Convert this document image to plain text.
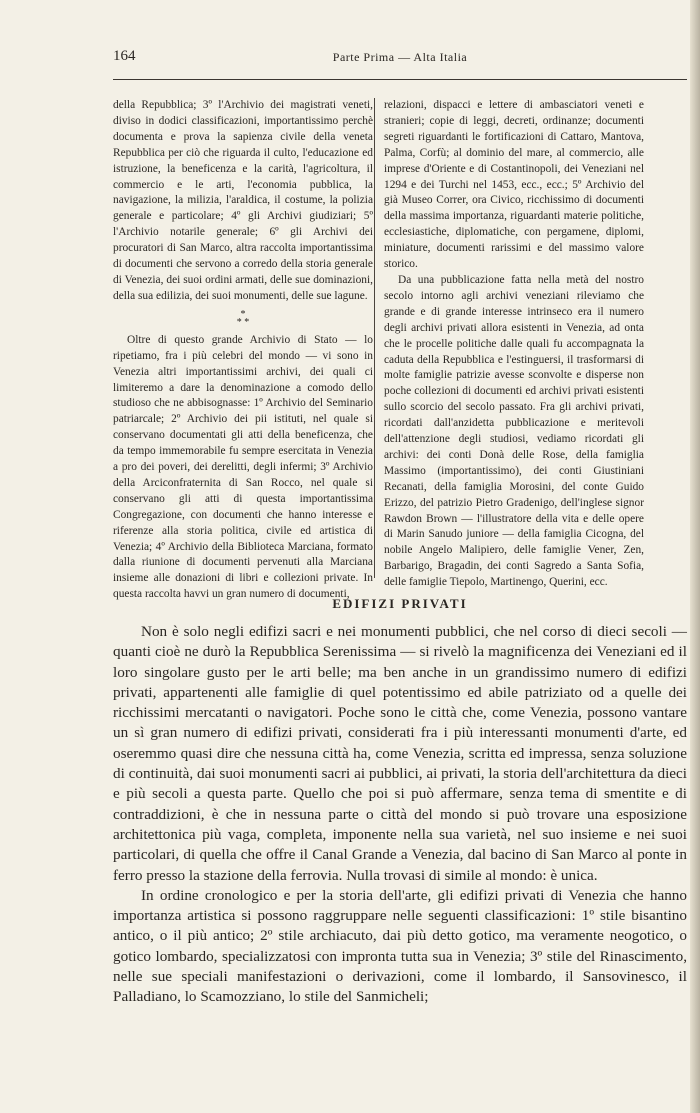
164	Parte Prima — Alta Italia

della Repubblica; 3º l'Archivio dei magistrati veneti, diviso in dodici classificazioni, importantissimo perchè documenta e prova la sapienza civile della veneta Repubblica per ciò che riguarda il culto, l'educazione ed istruzione, la beneficenza e la carità, l'agricoltura, il commercio e le arti, l'economia pubblica, la navigazione, la milizia, l'araldica, il costume, la polizia generale e particolare; 4º gli Archivi giudiziari; 5º l'Archivio notarile generale; 6º gli Archivi dei procuratori di San Marco, altra raccolta importantissima di documenti che servono a corredo della storia generale di Venezia, dei suoi ordini armati, delle sue dominazioni, della sua edilizia, dei suoi monumenti, delle sue lagune.

*
* *

Oltre di questo grande Archivio di Stato — lo ripetiamo, fra i più celebri del mondo — vi sono in Venezia altri importantissimi archivi, dei quali ci limiteremo a dare la denominazione a comodo dello studioso che ne abbisognasse: 1º Archivio del Seminario patriarcale; 2º Archivio dei pii istituti, nel quale si conservano documentati gli atti della beneficenza, che da tempo immemorabile fu sempre esercitata in Venezia a pro dei poveri, dei derelitti, degli infermi; 3º Archivio della Arciconfraternita di San Rocco, nel quale si conservano gli atti di questa importantissima Congregazione, con documenti che hanno interesse e riferenze alla storia politica, civile ed artistica di Venezia; 4º Archivio della Biblioteca Marciana, formato dalla riunione di documenti pervenuti alla Marciana insieme alle donazioni di libri e collezioni private. In questa raccolta havvi un gran numero di documenti,

relazioni, dispacci e lettere di ambasciatori veneti e stranieri; copie di leggi, decreti, ordinanze; documenti segreti riguardanti le fortificazioni di Cattaro, Mantova, Palma, Corfù; al dominio del mare, al commercio, alle imprese d'Oriente e di Costantinopoli, dei Veneziani nel 1294 e dei Turchi nel 1453, ecc., ecc.; 5º Archivio del già Museo Correr, ora Civico, ricchissimo di documenti della massima importanza, riguardanti materie politiche, ecclesiastiche, diplomatiche, con pergamene, diplomi, miniature, documenti rarissimi e del massimo valore storico.

Da una pubblicazione fatta nella metà del nostro secolo intorno agli archivi veneziani rileviamo che grande e di grande interesse intrinseco era il numero degli archivi privati allora esistenti in Venezia, ad onta che le procelle politiche dalle quali fu accompagnata la caduta della Repubblica e l'estinguersi, il trasformarsi di molte famiglie patrizie avesse sconvolte e disperse non poche collezioni di documenti ed archivi privati esistenti sullo scorcio del secolo passato. Fra gli archivi privati, ricordati dall'anzidetta pubblicazione e meritevoli dell'attenzione degli studiosi, vediamo ricordati gli archivi: dei conti Donà delle Rose, della famiglia Massimo (importantissimo), dei conti Giustiniani Recanati, della famiglia Morosini, del conte Guido Erizzo, del patrizio Pietro Gradenigo, dell'inglese signor Rawdon Brown — l'illustratore della vita e delle opere di Marin Sanudo juniore — della famiglia Cicogna, del nobile Angelo Malipiero, delle famiglie Vener, Zen, Barbarigo, Bragadin, dei conti Sagredo a Santa Sofia, delle famiglie Tiepolo, Martinengo, Querini, ecc.

EDIFIZI PRIVATI

Non è solo negli edifizi sacri e nei monumenti pubblici, che nel corso di dieci secoli — quanti cioè ne durò la Repubblica Serenissima — si rivelò la magnificenza dei Veneziani ed il loro singolare gusto per le arti belle; ma ben anche in un grandissimo numero di edifizi privati, appartenenti alle famiglie di quel potentissimo ed abile patriziato od a quelle dei ricchissimi mercatanti o navigatori. Poche sono le città che, come Venezia, possono vantare un sì gran numero di edifizi privati, considerati fra i più interessanti monumenti d'arte, ed oseremmo quasi dire che nessuna città ha, come Venezia, scritta ed impressa, senza soluzione di continuità, dai suoi monumenti sacri ai pubblici, ai privati, la storia dell'architettura da dieci e più secoli a questa parte. Quello che poi si può affermare, senza tema di smentite e di contraddizioni, è che in nessuna parte o città del mondo si può trovare una esposizione architettonica più vaga, completa, imponente nella sua varietà, nel suo insieme e nei suoi particolari, di quella che offre il Canal Grande a Venezia, dal bacino di San Marco al ponte in ferro presso la stazione della ferrovia. Nulla trovasi di simile al mondo: è unica.

In ordine cronologico e per la storia dell'arte, gli edifizi privati di Venezia che hanno importanza artistica si possono raggruppare nelle seguenti classificazioni: 1º stile bisantino antico, o il più antico; 2º stile archiacuto, dai più detto gotico, ma veramente neogotico, o gotico lombardo, specializzatosi con impronta tutta sua in Venezia; 3º stile del Rinascimento, nelle sue speciali manifestazioni o derivazioni, come il lombardo, il Sansovinesco, il Palladiano, lo Scamozziano, lo stile del Sanmicheli;
